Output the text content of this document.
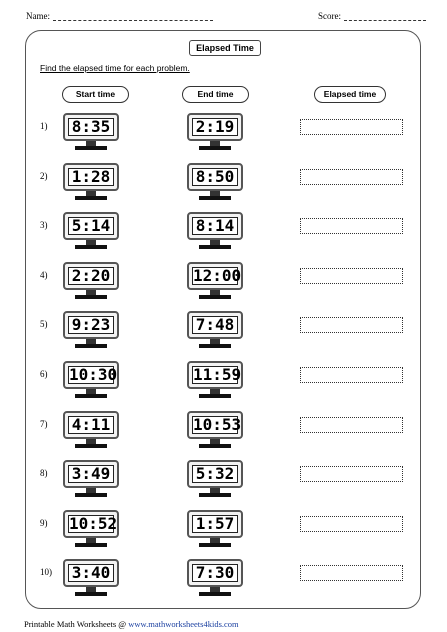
Name:	Score:
Elapsed Time
Find the elapsed time for each problem.
Start time	End time	Elapsed time
1) 8:35	2:19
2) 1:28	8:50
3) 5:14	8:14
4) 2:20	12:00
5) 9:23	7:48
6) 10:30	11:59
7) 4:11	10:53
8) 3:49	5:32
9) 10:52	1:57
10) 3:40	7:30
Printable Math Worksheets @ www.mathworksheets4kids.com
